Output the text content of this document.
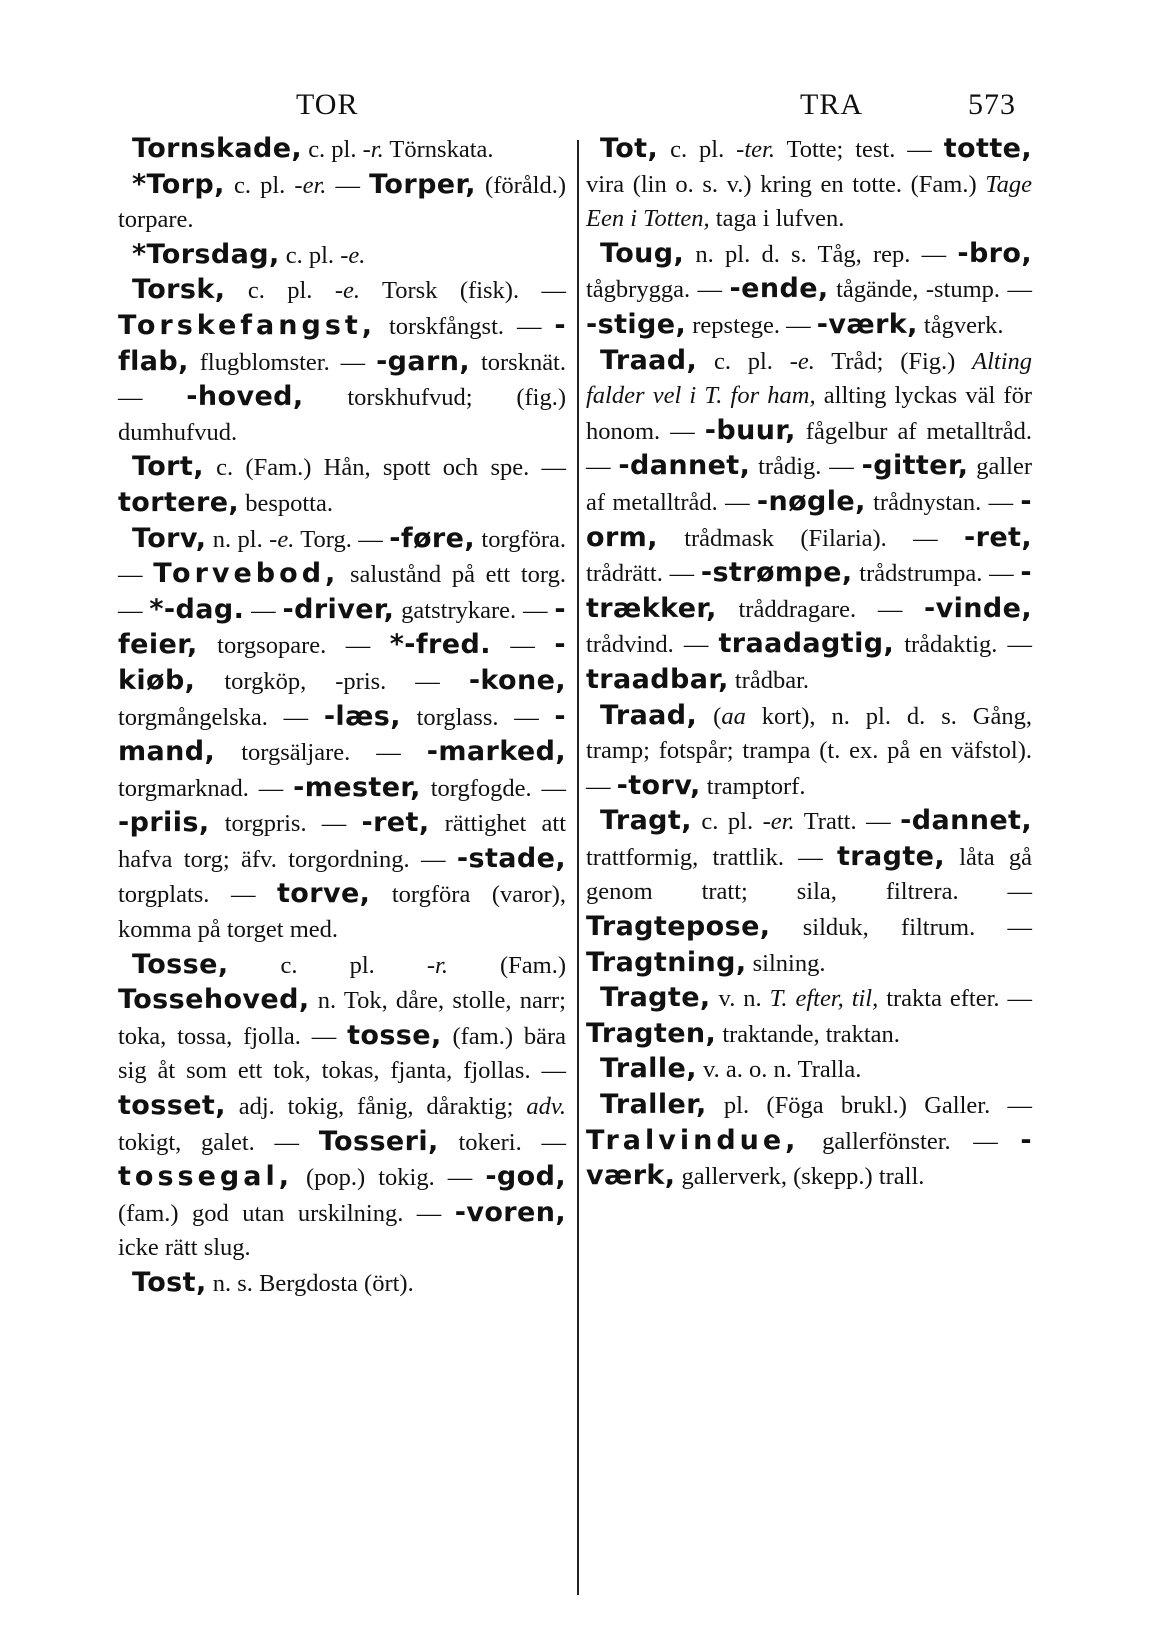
TOR	TRA	573

Tornskade, c. pl. -r. Törnskata.

*Torp, c. pl. -er. — Torper, (föråld.) torpare.

*Torsdag, c. pl. -e.

Torsk, c. pl. -e. Torsk (fisk). — Torskefangst, torskfångst. — -flab, flugblomster. — -garn, torsknät. — -hoved, torskhufvud; (fig.) dumhufvud.

Tort, c. (Fam.) Hån, spott och spe. — tortere, bespotta.

Torv, n. pl. -e. Torg. — -føre, torgföra. — Torvebod, salustånd på ett torg. — *-dag. — -driver, gatstrykare. — -feier, torgsopare. — *-fred. — -kiøb, torgköp, -pris. — -kone, torgmångelska. — -læs, torglass. — -mand, torgsäljare. — -marked, torgmarknad. — -mester, torgfogde. — -priis, torgpris. — -ret, rättighet att hafva torg; äfv. torgordning. — -stade, torgplats. — torve, torgföra (varor), komma på torget med.

Tosse, c. pl. -r. (Fam.) Tossehoved, n. Tok, dåre, stolle, narr; toka, tossa, fjolla. — tosse, (fam.) bära sig åt som ett tok, tokas, fjanta, fjollas. — tosset, adj. tokig, fånig, dåraktig; adv. tokigt, galet. — Tosseri, tokeri. — tossegal, (pop.) tokig. — -god, (fam.) god utan urskilning. — -voren, icke rätt slug.

Tost, n. s. Bergdosta (ört).

Tot, c. pl. -ter. Totte; test. — totte, vira (lin o. s. v.) kring en totte. (Fam.) Tage Een i Totten, taga i lufven.

Toug, n. pl. d. s. Tåg, rep. — -bro, tågbrygga. — -ende, tågände, -stump. — -stige, repstege. — -værk, tågverk.

Traad, c. pl. -e. Tråd; (Fig.) Alting falder vel i T. for ham, allting lyckas väl för honom. — -buur, fågelbur af metalltråd. — -dannet, trådig. — -gitter, galler af metalltråd. — -nøgle, trådnystan. — -orm, trådmask (Filaria). — -ret, trådrätt. — -strømpe, trådstrumpa. — -trækker, tråddragare. — -vinde, trådvind. — traadagtig, trådaktig. — traadbar, trådbar.

Traad, (aa kort), n. pl. d. s. Gång, tramp; fotspår; trampa (t. ex. på en väfstol). — -torv, tramptorf.

Tragt, c. pl. -er. Tratt. — -dannet, trattformig, trattlik. — tragte, låta gå genom tratt; sila, filtrera. — Tragtepose, silduk, filtrum. — Tragtning, silning.

Tragte, v. n. T. efter, til, trakta efter. — Tragten, traktande, traktan.

Tralle, v. a. o. n. Tralla.

Traller, pl. (Föga brukl.) Galler. — Tralvindue, gallerfönster. — -værk, gallerverk, (skepp.) trall.
